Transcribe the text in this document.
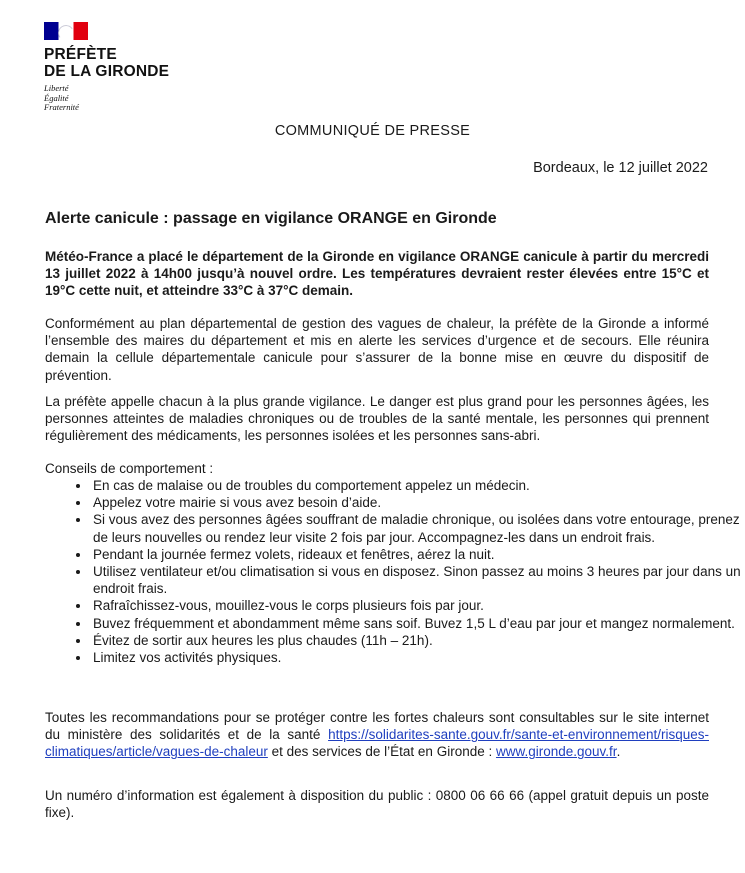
PRÉFÈTE
DE LA GIRONDE
Liberté
Égalité
Fraternité
COMMUNIQUÉ DE PRESSE
Bordeaux, le 12 juillet 2022
Alerte canicule : passage en vigilance ORANGE en Gironde
Météo-France a placé le département de la Gironde en vigilance ORANGE canicule à partir du mercredi 13 juillet 2022 à 14h00 jusqu’à nouvel ordre. Les températures devraient rester élevées entre 15°C et 19°C cette nuit, et atteindre 33°C à 37°C demain.
Conformément au plan départemental de gestion des vagues de chaleur, la préfète de la Gironde a informé l’ensemble des maires du département et mis en alerte les services d’urgence et de secours. Elle réunira demain la cellule départementale canicule pour s’assurer de la bonne mise en œuvre du dispositif de prévention.
La préfète appelle chacun à la plus grande vigilance. Le danger est plus grand pour les personnes âgées, les personnes atteintes de maladies chroniques ou de troubles de la santé mentale, les personnes qui prennent régulièrement des médicaments, les personnes isolées et les personnes sans-abri.
Conseils de comportement :
• En cas de malaise ou de troubles du comportement appelez un médecin.
• Appelez votre mairie si vous avez besoin d’aide.
• Si vous avez des personnes âgées souffrant de maladie chronique, ou isolées dans votre entourage, prenez de leurs nouvelles ou rendez leur visite 2 fois par jour. Accompagnez-les dans un endroit frais.
• Pendant la journée fermez volets, rideaux et fenêtres, aérez la nuit.
• Utilisez ventilateur et/ou climatisation si vous en disposez. Sinon passez au moins 3 heures par jour dans un endroit frais.
• Rafraîchissez-vous, mouillez-vous le corps plusieurs fois par jour.
• Buvez fréquemment et abondamment même sans soif. Buvez 1,5 L d’eau par jour et mangez normalement.
• Évitez de sortir aux heures les plus chaudes (11h – 21h).
• Limitez vos activités physiques.
Toutes les recommandations pour se protéger contre les fortes chaleurs sont consultables sur le site internet du ministère des solidarités et de la santé https://solidarites-sante.gouv.fr/sante-et-environnement/risques-climatiques/article/vagues-de-chaleur et des services de l’État en Gironde : www.gironde.gouv.fr.
Un numéro d’information est également à disposition du public : 0800 06 66 66 (appel gratuit depuis un poste fixe).
